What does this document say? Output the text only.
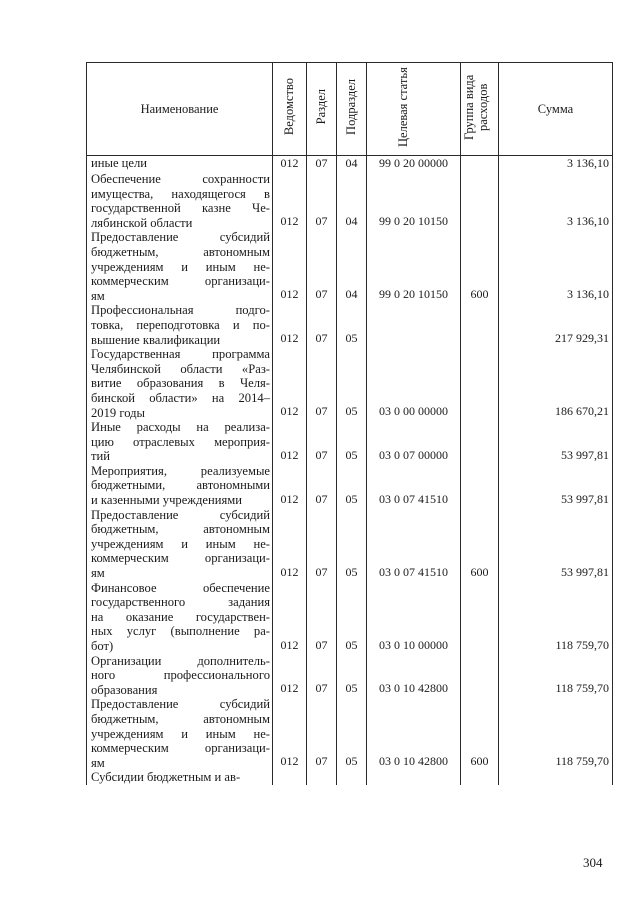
Наименование	Ведомство	Раздел	Подраздел	Целевая статья	Группа вида расходов	Сумма

иные цели	012	07	04	99 0 20 00000		3 136,10

Обеспечение сохранности
имущества, находящегося в
государственной казне Че-
лябинской области	012	07	04	99 0 20 10150		3 136,10

Предоставление субсидий
бюджетным, автономным
учреждениям и иным не-
коммерческим организаци-
ям	012	07	04	99 0 20 10150	600	3 136,10

Профессиональная подго-
товка, переподготовка и по-
вышение квалификации	012	07	05			217 929,31

Государственная программа
Челябинской области «Раз-
витие образования в Челя-
бинской области» на 2014–
2019 годы	012	07	05	03 0 00 00000		186 670,21

Иные расходы на реализа-
цию отраслевых мероприя-
тий	012	07	05	03 0 07 00000		53 997,81

Мероприятия, реализуемые
бюджетными, автономными
и казенными учреждениями	012	07	05	03 0 07 41510		53 997,81

Предоставление субсидий
бюджетным, автономным
учреждениям и иным не-
коммерческим организаци-
ям	012	07	05	03 0 07 41510	600	53 997,81

Финансовое обеспечение
государственного задания
на оказание государствен-
ных услуг (выполнение ра-
бот)	012	07	05	03 0 10 00000		118 759,70

Организации дополнитель-
ного профессионального
образования	012	07	05	03 0 10 42800		118 759,70

Предоставление субсидий
бюджетным, автономным
учреждениям и иным не-
коммерческим организаци-
ям	012	07	05	03 0 10 42800	600	118 759,70

Субсидии бюджетным и ав-						

304
